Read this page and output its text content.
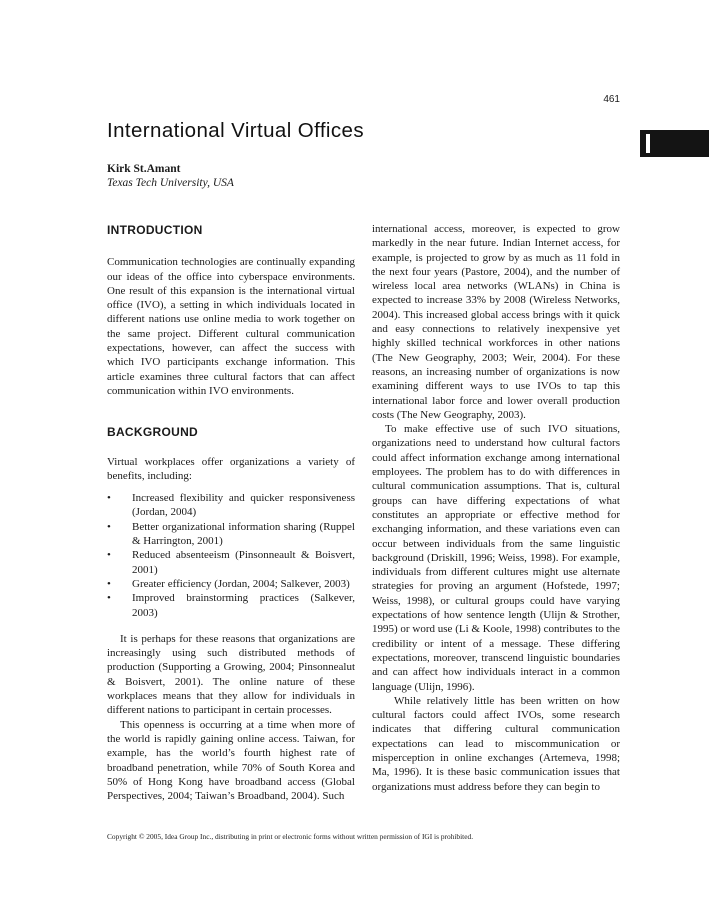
461
International Virtual Offices
Kirk St.Amant
Texas Tech University, USA
INTRODUCTION

Communication technologies are continually expanding our ideas of the office into cyberspace environments. One result of this expansion is the international virtual office (IVO), a setting in which individuals located in different nations use online media to work together on the same project. Different cultural communication expectations, however, can affect the success with which IVO participants exchange information. This article examines three cultural factors that can affect communication within IVO environments.

BACKGROUND

Virtual workplaces offer organizations a variety of benefits, including:

• Increased flexibility and quicker responsiveness (Jordan, 2004)
• Better organizational information sharing (Ruppel & Harrington, 2001)
• Reduced absenteeism (Pinsonneault & Boisvert, 2001)
• Greater efficiency (Jordan, 2004; Salkever, 2003)
• Improved brainstorming practices (Salkever, 2003)

It is perhaps for these reasons that organizations are increasingly using such distributed methods of production (Supporting a Growing, 2004; Pinsonnealut & Boisvert, 2001). The online nature of these workplaces means that they allow for individuals in different nations to participant in certain processes.

This openness is occurring at a time when more of the world is rapidly gaining online access. Taiwan, for example, has the world’s fourth highest rate of broadband penetration, while 70% of South Korea and 50% of Hong Kong have broadband access (Global Perspectives, 2004; Taiwan’s Broadband, 2004). Such

international access, moreover, is expected to grow markedly in the near future. Indian Internet access, for example, is projected to grow by as much as 11 fold in the next four years (Pastore, 2004), and the number of wireless local area networks (WLANs) in China is expected to increase 33% by 2008 (Wireless Networks, 2004). This increased global access brings with it quick and easy connections to relatively inexpensive yet highly skilled technical workforces in other nations (The New Geography, 2003; Weir, 2004). For these reasons, an increasing number of organizations is now examining different ways to use IVOs to tap this international labor force and lower overall production costs (The New Geography, 2003).

To make effective use of such IVO situations, organizations need to understand how cultural factors could affect information exchange among international employees. The problem has to do with differences in cultural communication assumptions. That is, cultural groups can have differing expectations of what constitutes an appropriate or effective method for exchanging information, and these variations even can occur between individuals from the same linguistic background (Driskill, 1996; Weiss, 1998). For example, individuals from different cultures might use alternate strategies for proving an argument (Hofstede, 1997; Weiss, 1998), or cultural groups could have varying expectations of how sentence length (Ulijn & Strother, 1995) or word use (Li & Koole, 1998) contributes to the credibility or intent of a message. These differing expectations, moreover, transcend linguistic boundaries and can affect how individuals interact in a common language (Ulijn, 1996).

While relatively little has been written on how cultural factors could affect IVOs, some research indicates that differing cultural communication expectations can lead to miscommunication or misperception in online exchanges (Artemeva, 1998; Ma, 1996). It is these basic communication issues that organizations must address before they can begin to

Copyright © 2005, Idea Group Inc., distributing in print or electronic forms without written permission of IGI is prohibited.
